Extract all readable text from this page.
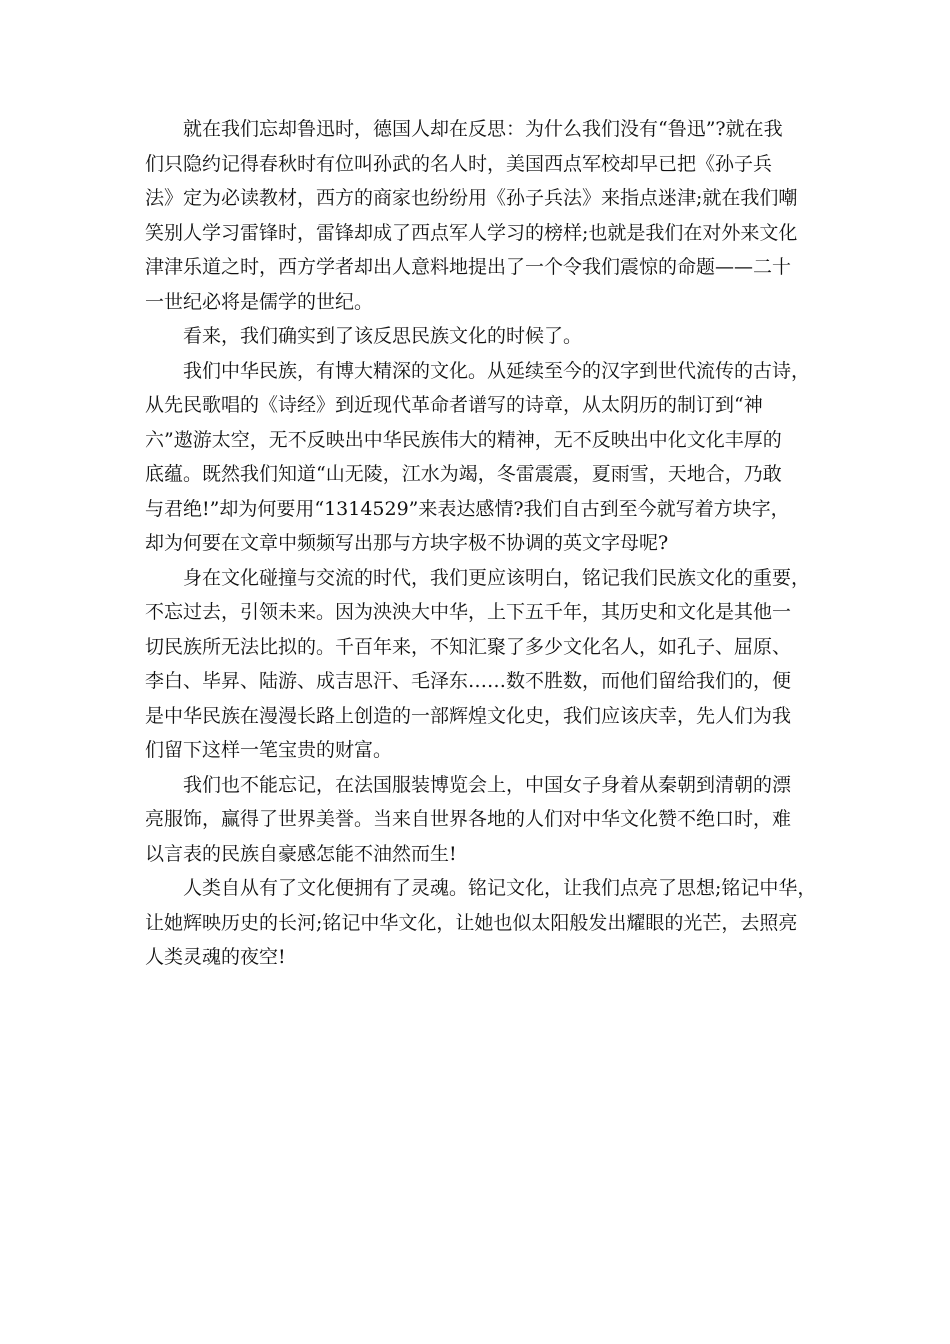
　　就在我们忘却鲁迅时，德国人却在反思：为什么我们没有“鲁迅”?就在我
们只隐约记得春秋时有位叫孙武的名人时，美国西点军校却早已把《孙子兵
法》定为必读教材，西方的商家也纷纷用《孙子兵法》来指点迷津;就在我们嘲
笑别人学习雷锋时，雷锋却成了西点军人学习的榜样;也就是我们在对外来文化
津津乐道之时，西方学者却出人意料地提出了一个令我们震惊的命题——二十
一世纪必将是儒学的世纪。

　　看来，我们确实到了该反思民族文化的时候了。

　　我们中华民族，有博大精深的文化。从延续至今的汉字到世代流传的古诗，
从先民歌唱的《诗经》到近现代革命者谱写的诗章，从太阴历的制订到“神
六”遨游太空，无不反映出中华民族伟大的精神，无不反映出中化文化丰厚的
底蕴。既然我们知道“山无陵，江水为竭，冬雷震震，夏雨雪，天地合，乃敢
与君绝!”却为何要用“1314529”来表达感情?我们自古到至今就写着方块字，
却为何要在文章中频频写出那与方块字极不协调的英文字母呢?

　　身在文化碰撞与交流的时代，我们更应该明白，铭记我们民族文化的重要，
不忘过去，引领未来。因为泱泱大中华，上下五千年，其历史和文化是其他一
切民族所无法比拟的。千百年来，不知汇聚了多少文化名人，如孔子、屈原、
李白、毕昇、陆游、成吉思汗、毛泽东……数不胜数，而他们留给我们的，便
是中华民族在漫漫长路上创造的一部辉煌文化史，我们应该庆幸，先人们为我
们留下这样一笔宝贵的财富。

　　我们也不能忘记，在法国服装博览会上，中国女子身着从秦朝到清朝的漂
亮服饰，赢得了世界美誉。当来自世界各地的人们对中华文化赞不绝口时，难
以言表的民族自豪感怎能不油然而生!

　　人类自从有了文化便拥有了灵魂。铭记文化，让我们点亮了思想;铭记中华，
让她辉映历史的长河;铭记中华文化，让她也似太阳般发出耀眼的光芒，去照亮
人类灵魂的夜空!
